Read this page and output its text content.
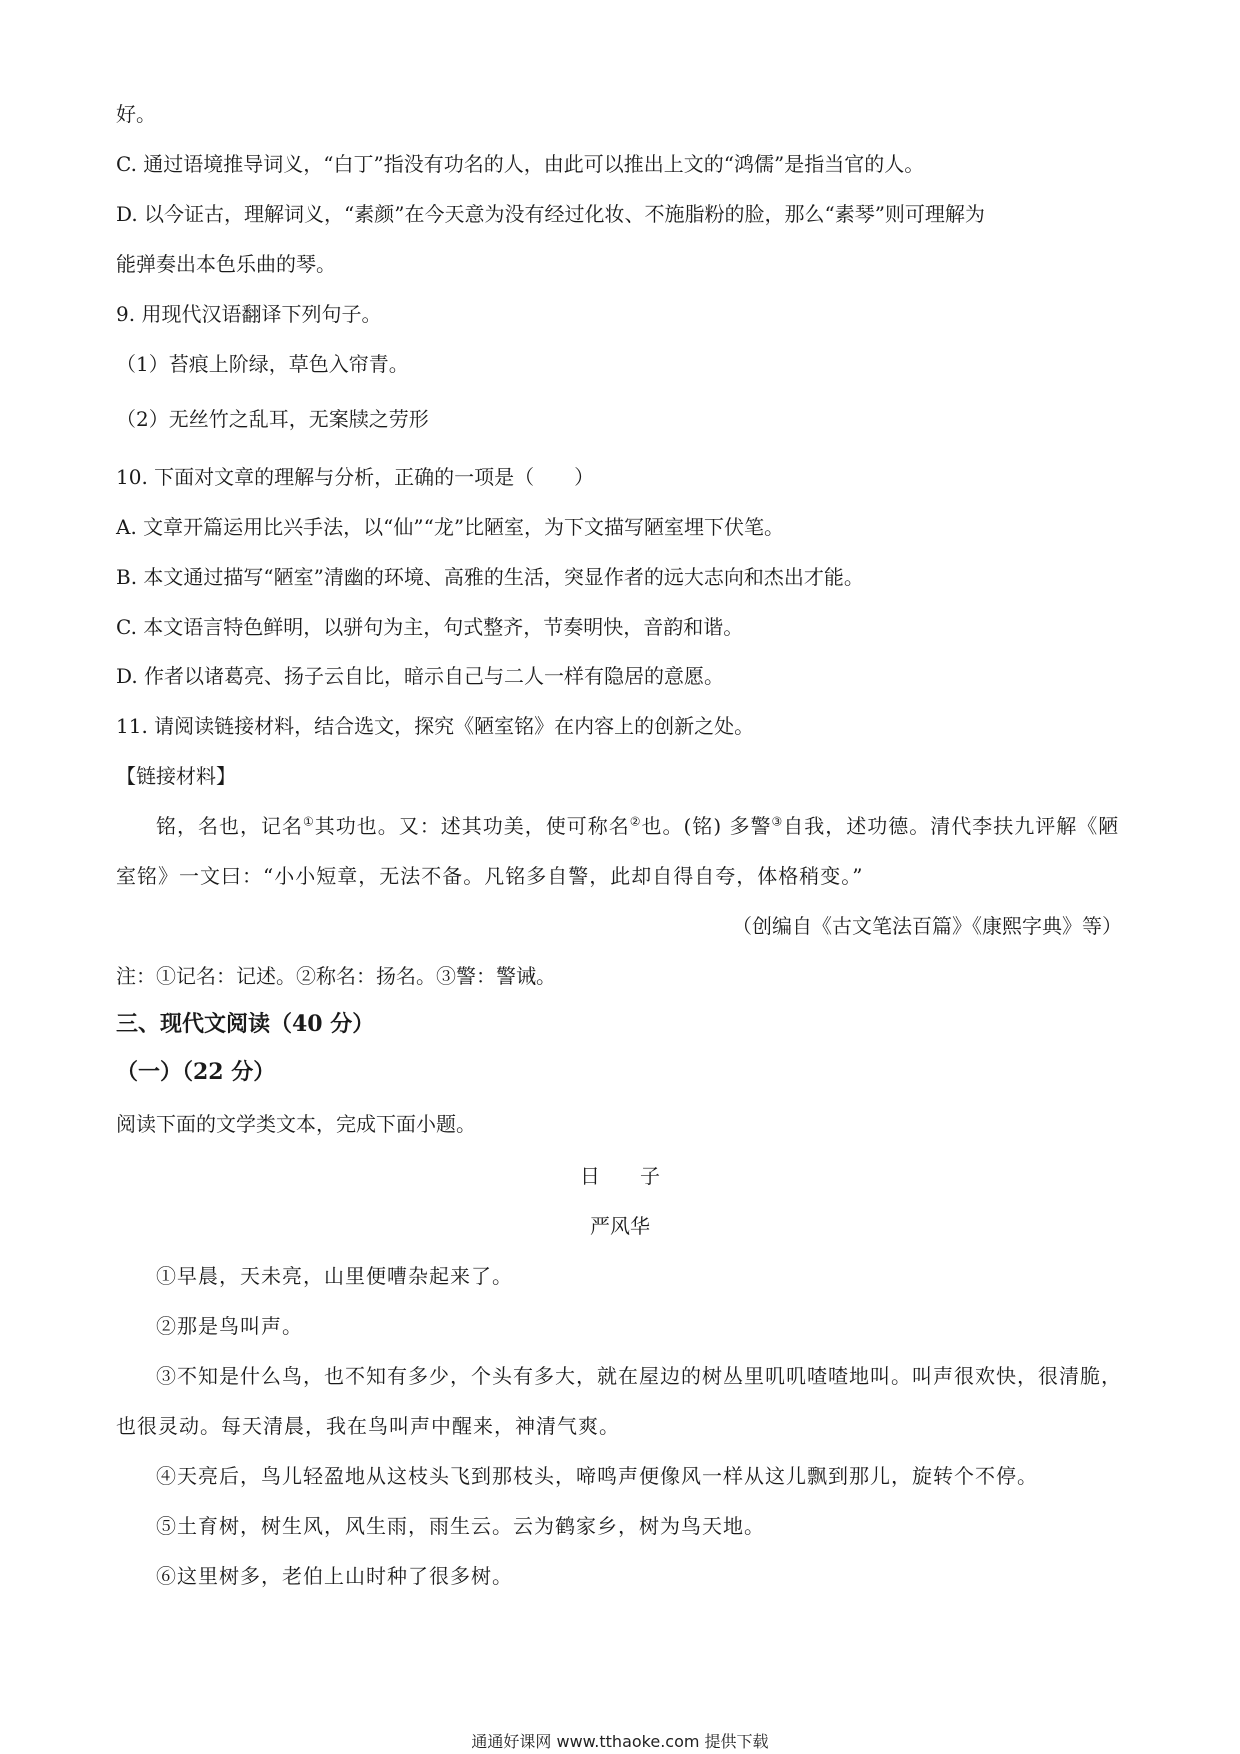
好。
C. 通过语境推导词义，“白丁”指没有功名的人，由此可以推出上文的“鸿儒”是指当官的人。
D. 以今证古，理解词义，“素颜”在今天意为没有经过化妆、不施脂粉的脸，那么“素琴”则可理解为
能弹奏出本色乐曲的琴。
9. 用现代汉语翻译下列句子。
（1）苔痕上阶绿，草色入帘青。
（2）无丝竹之乱耳，无案牍之劳形
10. 下面对文章的理解与分析，正确的一项是（　　）
A. 文章开篇运用比兴手法，以“仙”“龙”比陋室，为下文描写陋室埋下伏笔。
B. 本文通过描写“陋室”清幽的环境、高雅的生活，突显作者的远大志向和杰出才能。
C. 本文语言特色鲜明，以骈句为主，句式整齐，节奏明快，音韵和谐。
D. 作者以诸葛亮、扬子云自比，暗示自己与二人一样有隐居的意愿。
11. 请阅读链接材料，结合选文，探究《陋室铭》在内容上的创新之处。
【链接材料】
铭，名也，记名①其功也。又：述其功美，使可称名②也。(铭) 多警③自我，述功德。清代李扶九评解《陋
室铭》一文曰：“小小短章，无法不备。凡铭多自警，此却自得自夸，体格稍变。”
（创编自《古文笔法百篇》《康熙字典》等）
注：①记名：记述。②称名：扬名。③警：警诫。
三、现代文阅读（40 分）
（一）（22 分）
阅读下面的文学类文本，完成下面小题。
日　　子
严风华
①早晨，天未亮，山里便嘈杂起来了。
②那是鸟叫声。
③不知是什么鸟，也不知有多少，个头有多大，就在屋边的树丛里叽叽喳喳地叫。叫声很欢快，很清脆，
也很灵动。每天清晨，我在鸟叫声中醒来，神清气爽。
④天亮后，鸟儿轻盈地从这枝头飞到那枝头，啼鸣声便像风一样从这儿飘到那儿，旋转个不停。
⑤土育树，树生风，风生雨，雨生云。云为鹤家乡，树为鸟天地。
⑥这里树多，老伯上山时种了很多树。
通通好课网 www.tthaoke.com 提供下载
